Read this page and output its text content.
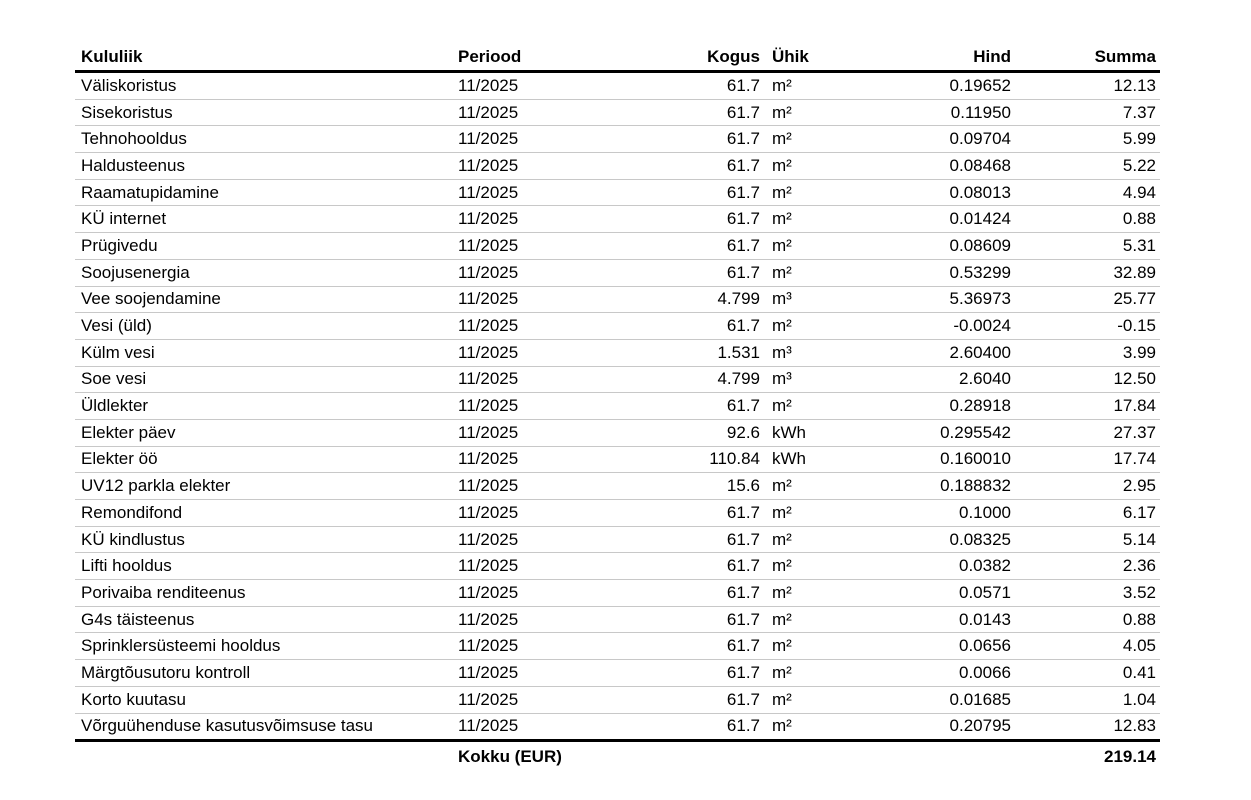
Kululiik	Periood	Kogus	Ühik	Hind	Summa
Väliskoristus	11/2025	61.7	m²	0.19652	12.13
Sisekoristus	11/2025	61.7	m²	0.11950	7.37
Tehnohooldus	11/2025	61.7	m²	0.09704	5.99
Haldusteenus	11/2025	61.7	m²	0.08468	5.22
Raamatupidamine	11/2025	61.7	m²	0.08013	4.94
KÜ internet	11/2025	61.7	m²	0.01424	0.88
Prügivedu	11/2025	61.7	m²	0.08609	5.31
Soojusenergia	11/2025	61.7	m²	0.53299	32.89
Vee soojendamine	11/2025	4.799	m³	5.36973	25.77
Vesi (üld)	11/2025	61.7	m²	-0.0024	-0.15
Külm vesi	11/2025	1.531	m³	2.60400	3.99
Soe vesi	11/2025	4.799	m³	2.6040	12.50
Üldlekter	11/2025	61.7	m²	0.28918	17.84
Elekter päev	11/2025	92.6	kWh	0.295542	27.37
Elekter öö	11/2025	110.84	kWh	0.160010	17.74
UV12 parkla elekter	11/2025	15.6	m²	0.188832	2.95
Remondifond	11/2025	61.7	m²	0.1000	6.17
KÜ kindlustus	11/2025	61.7	m²	0.08325	5.14
Lifti hooldus	11/2025	61.7	m²	0.0382	2.36
Porivaiba renditeenus	11/2025	61.7	m²	0.0571	3.52
G4s täisteenus	11/2025	61.7	m²	0.0143	0.88
Sprinklersüsteemi hooldus	11/2025	61.7	m²	0.0656	4.05
Märgtõusutoru kontroll	11/2025	61.7	m²	0.0066	0.41
Korto kuutasu	11/2025	61.7	m²	0.01685	1.04
Võrguühenduse kasutusvõimsuse tasu	11/2025	61.7	m²	0.20795	12.83
	Kokku (EUR)				219.14
